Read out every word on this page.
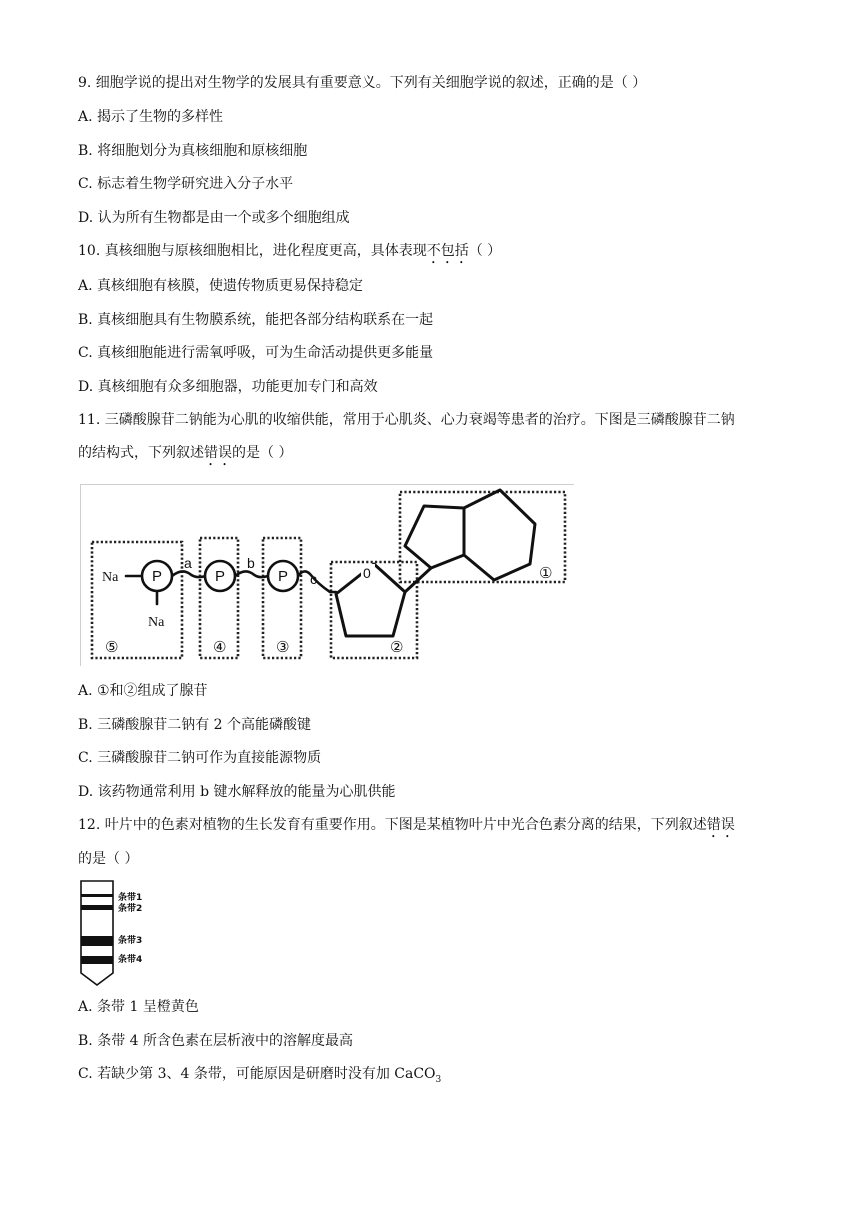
9. 细胞学说的提出对生物学的发展具有重要意义。下列有关细胞学说的叙述，正确的是（ ）
A. 揭示了生物的多样性
B. 将细胞划分为真核细胞和原核细胞
C. 标志着生物学研究进入分子水平
D. 认为所有生物都是由一个或多个细胞组成
10. 真核细胞与原核细胞相比，进化程度更高，具体表现不包括（ ）
A. 真核细胞有核膜，使遗传物质更易保持稳定
B. 真核细胞具有生物膜系统，能把各部分结构联系在一起
C. 真核细胞能进行需氧呼吸，可为生命活动提供更多能量
D. 真核细胞有众多细胞器，功能更加专门和高效
11. 三磷酸腺苷二钠能为心肌的收缩供能，常用于心肌炎、心力衰竭等患者的治疗。下图是三磷酸腺苷二钠
的结构式，下列叙述错误的是（ ）
P	P	P
Na
Na
a	b
c	0	①
②
③
④
⑤
A. ①和②组成了腺苷
B. 三磷酸腺苷二钠有 2 个高能磷酸键
C. 三磷酸腺苷二钠可作为直接能源物质
D. 该药物通常利用 b 键水解释放的能量为心肌供能
12. 叶片中的色素对植物的生长发育有重要作用。下图是某植物叶片中光合色素分离的结果，下列叙述错误
的是（ ）
条带1
条带2
条带3
条带4
A. 条带 1 呈橙黄色
B. 条带 4 所含色素在层析液中的溶解度最高
C. 若缺少第 3、4 条带，可能原因是研磨时没有加 CaCO$_3$
